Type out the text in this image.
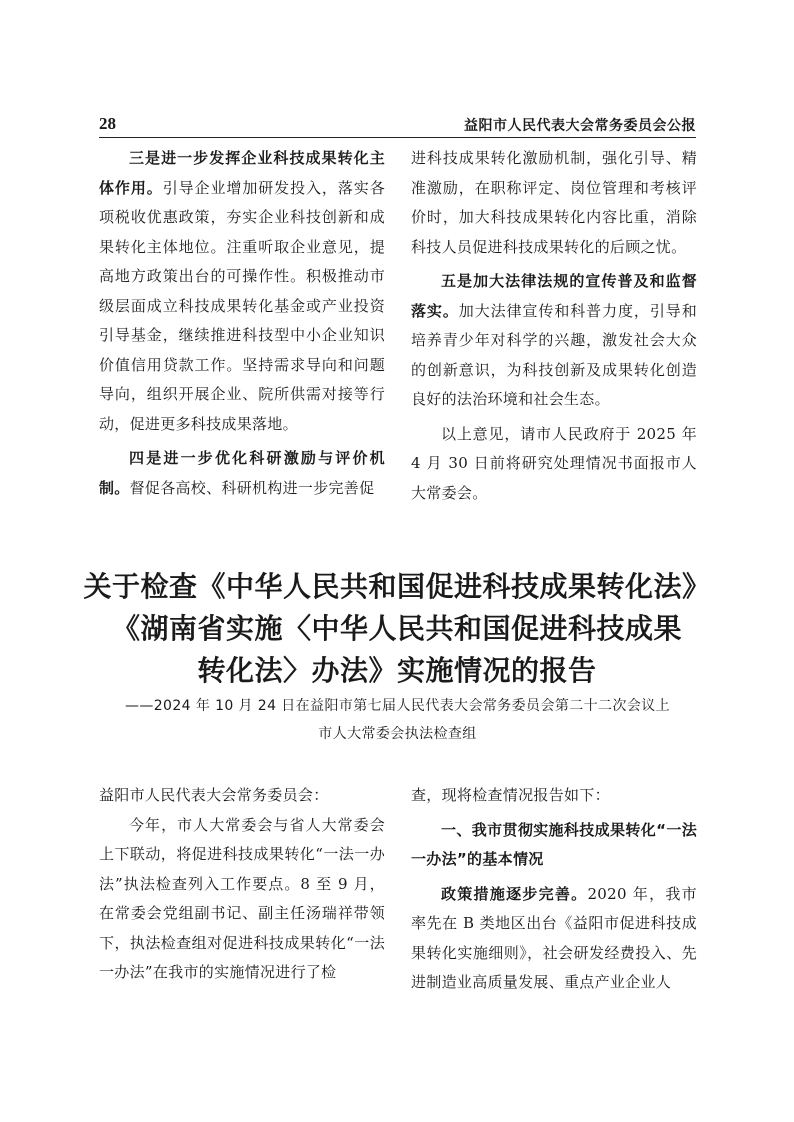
28	益阳市人民代表大会常务委员会公报

三是进一步发挥企业科技成果转化主体作用。引导企业增加研发投入，落实各项税收优惠政策，夯实企业科技创新和成果转化主体地位。注重听取企业意见，提高地方政策出台的可操作性。积极推动市级层面成立科技成果转化基金或产业投资引导基金，继续推进科技型中小企业知识价值信用贷款工作。坚持需求导向和问题导向，组织开展企业、院所供需对接等行动，促进更多科技成果落地。

四是进一步优化科研激励与评价机制。督促各高校、科研机构进一步完善促

进科技成果转化激励机制，强化引导、精准激励，在职称评定、岗位管理和考核评价时，加大科技成果转化内容比重，消除科技人员促进科技成果转化的后顾之忧。

五是加大法律法规的宣传普及和监督落实。加大法律宣传和科普力度，引导和培养青少年对科学的兴趣，激发社会大众的创新意识，为科技创新及成果转化创造良好的法治环境和社会生态。

以上意见，请市人民政府于 2025 年 4 月 30 日前将研究处理情况书面报市人大常委会。

关于检查《中华人民共和国促进科技成果转化法》
《湖南省实施〈中华人民共和国促进科技成果
转化法〉办法》实施情况的报告
——2024 年 10 月 24 日在益阳市第七届人民代表大会常务委员会第二十二次会议上
市人大常委会执法检查组

益阳市人民代表大会常务委员会：

今年，市人大常委会与省人大常委会上下联动，将促进科技成果转化“一法一办法”执法检查列入工作要点。8 至 9 月，在常委会党组副书记、副主任汤瑞祥带领下，执法检查组对促进科技成果转化“一法一办法”在我市的实施情况进行了检

查，现将检查情况报告如下：

一、我市贯彻实施科技成果转化“一法一办法”的基本情况

政策措施逐步完善。2020 年，我市率先在 B 类地区出台《益阳市促进科技成果转化实施细则》，社会研发经费投入、先进制造业高质量发展、重点产业企业人
